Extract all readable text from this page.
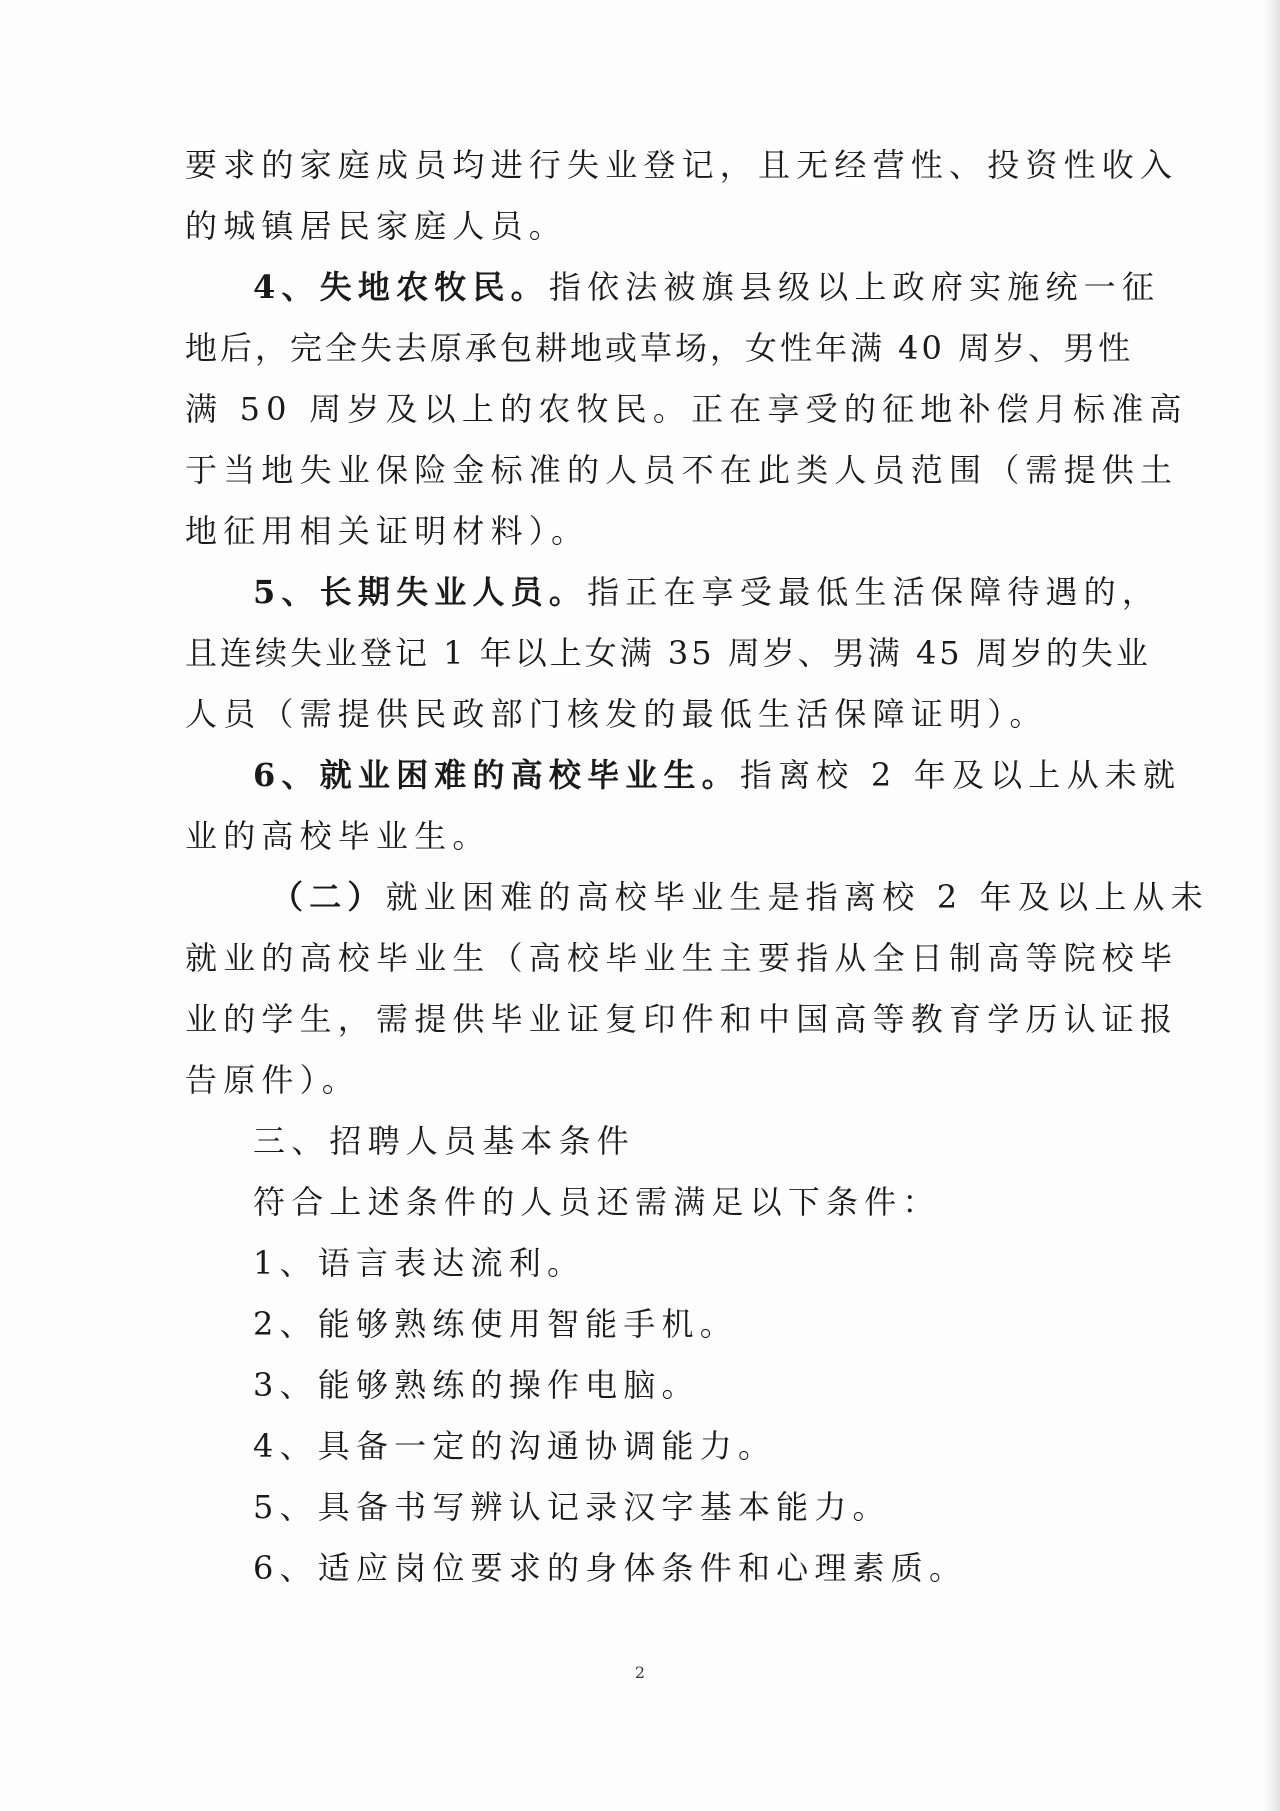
要求的家庭成员均进行失业登记，且无经营性、投资性收入
的城镇居民家庭人员。
4、失地农牧民。指依法被旗县级以上政府实施统一征
地后，完全失去原承包耕地或草场，女性年满 40 周岁、男性
满 50 周岁及以上的农牧民。正在享受的征地补偿月标准高
于当地失业保险金标准的人员不在此类人员范围（需提供土
地征用相关证明材料）。
5、长期失业人员。指正在享受最低生活保障待遇的，
且连续失业登记 1 年以上女满 35 周岁、男满 45 周岁的失业
人员（需提供民政部门核发的最低生活保障证明）。
6、就业困难的高校毕业生。指离校 2 年及以上从未就
业的高校毕业生。
（二）就业困难的高校毕业生是指离校 2 年及以上从未
就业的高校毕业生（高校毕业生主要指从全日制高等院校毕
业的学生，需提供毕业证复印件和中国高等教育学历认证报
告原件）。
三、招聘人员基本条件
符合上述条件的人员还需满足以下条件：
1、语言表达流利。
2、能够熟练使用智能手机。
3、能够熟练的操作电脑。
4、具备一定的沟通协调能力。
5、具备书写辨认记录汉字基本能力。
6、适应岗位要求的身体条件和心理素质。
2
